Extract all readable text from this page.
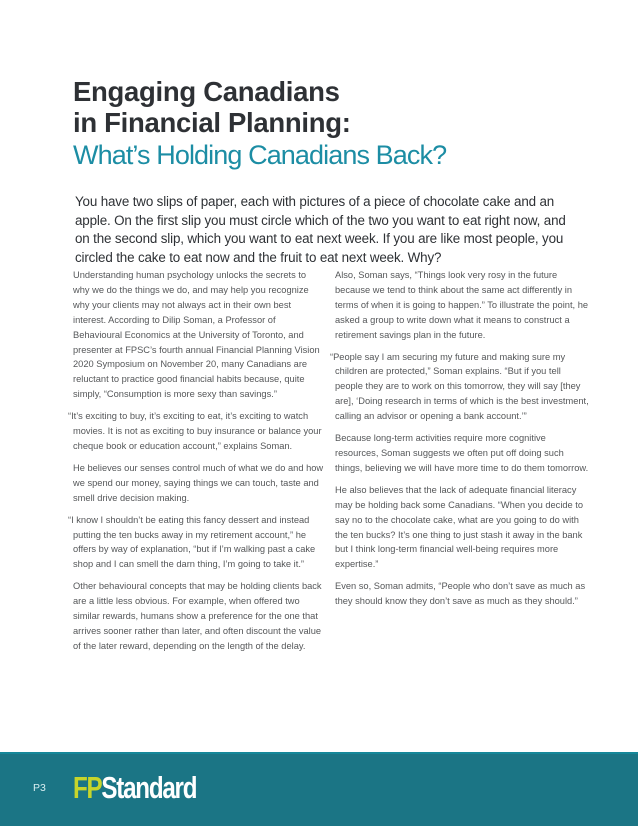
Engaging Canadians
in Financial Planning:
What’s Holding Canadians Back?
You have two slips of paper, each with pictures of a piece of chocolate cake and an apple. On the first slip you must circle which of the two you want to eat right now, and on the second slip, which you want to eat next week. If you are like most people, you circled the cake to eat now and the fruit to eat next week. Why?

Understanding human psychology unlocks the secrets to why we do the things we do, and may help you recognize why your clients may not always act in their own best interest. According to Dilip Soman, a Professor of Behavioural Economics at the University of Toronto, and presenter at FPSC’s fourth annual Financial Planning Vision 2020 Symposium on November 20, many Canadians are reluctant to practice good financial habits because, quite simply, “Consumption is more sexy than savings.”

“It’s exciting to buy, it’s exciting to eat, it’s exciting to watch movies. It is not as exciting to buy insurance or balance your cheque book or education account,” explains Soman.

He believes our senses control much of what we do and how we spend our money, saying things we can touch, taste and smell drive decision making.

“I know I shouldn’t be eating this fancy dessert and instead putting the ten bucks away in my retirement account,” he offers by way of explanation, “but if I’m walking past a cake shop and I can smell the darn thing, I’m going to take it.”

Other behavioural concepts that may be holding clients back are a little less obvious. For example, when offered two similar rewards, humans show a preference for the one that arrives sooner rather than later, and often discount the value of the later reward, depending on the length of the delay.

Also, Soman says, “Things look very rosy in the future because we tend to think about the same act differently in terms of when it is going to happen.” To illustrate the point, he asked a group to write down what it means to construct a retirement savings plan in the future.

“People say I am securing my future and making sure my children are protected,” Soman explains. “But if you tell people they are to work on this tomorrow, they will say [they are], ‘Doing research in terms of which is the best investment, calling an advisor or opening a bank account.’”

Because long-term activities require more cognitive resources, Soman suggests we often put off doing such things, believing we will have more time to do them tomorrow.

He also believes that the lack of adequate financial literacy may be holding back some Canadians. “When you decide to say no to the chocolate cake, what are you going to do with the ten bucks? It’s one thing to just stash it away in the bank but I think long-term financial well-being requires more expertise.”

Even so, Soman admits, “People who don’t save as much as they should know they don’t save as much as they should.”

P3 FPStandard
